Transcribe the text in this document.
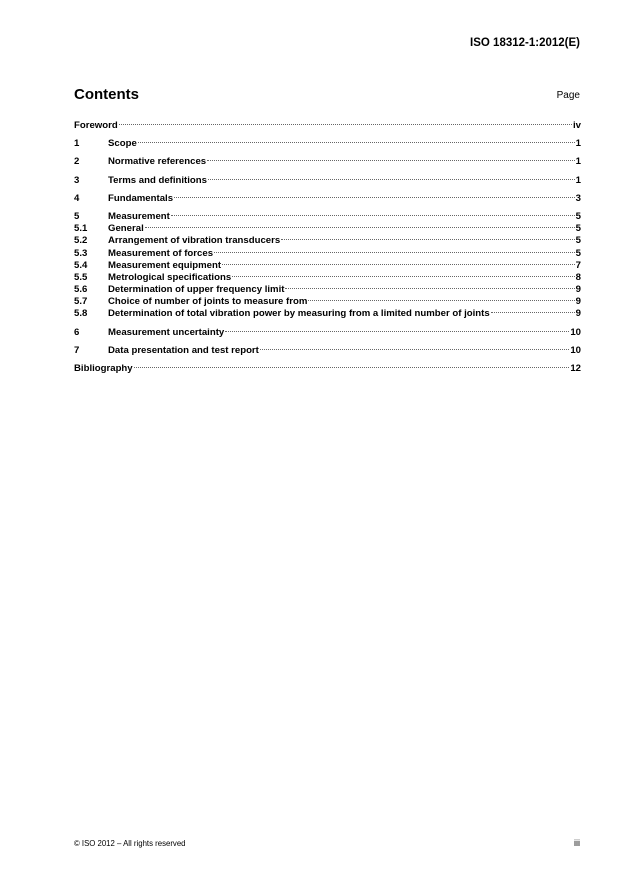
ISO 18312-1:2012(E)
Contents	Page
Foreword	iv
1	Scope	1
2	Normative references	1
3	Terms and definitions	1
4	Fundamentals	3
5	Measurement	5
5.1	General	5
5.2	Arrangement of vibration transducers	5
5.3	Measurement of forces	5
5.4	Measurement equipment	7
5.5	Metrological specifications	8
5.6	Determination of upper frequency limit	9
5.7	Choice of number of joints to measure from	9
5.8	Determination of total vibration power by measuring from a limited number of joints	9
6	Measurement uncertainty	10
7	Data presentation and test report	10
Bibliography	12
© ISO 2012 – All rights reserved	iii
